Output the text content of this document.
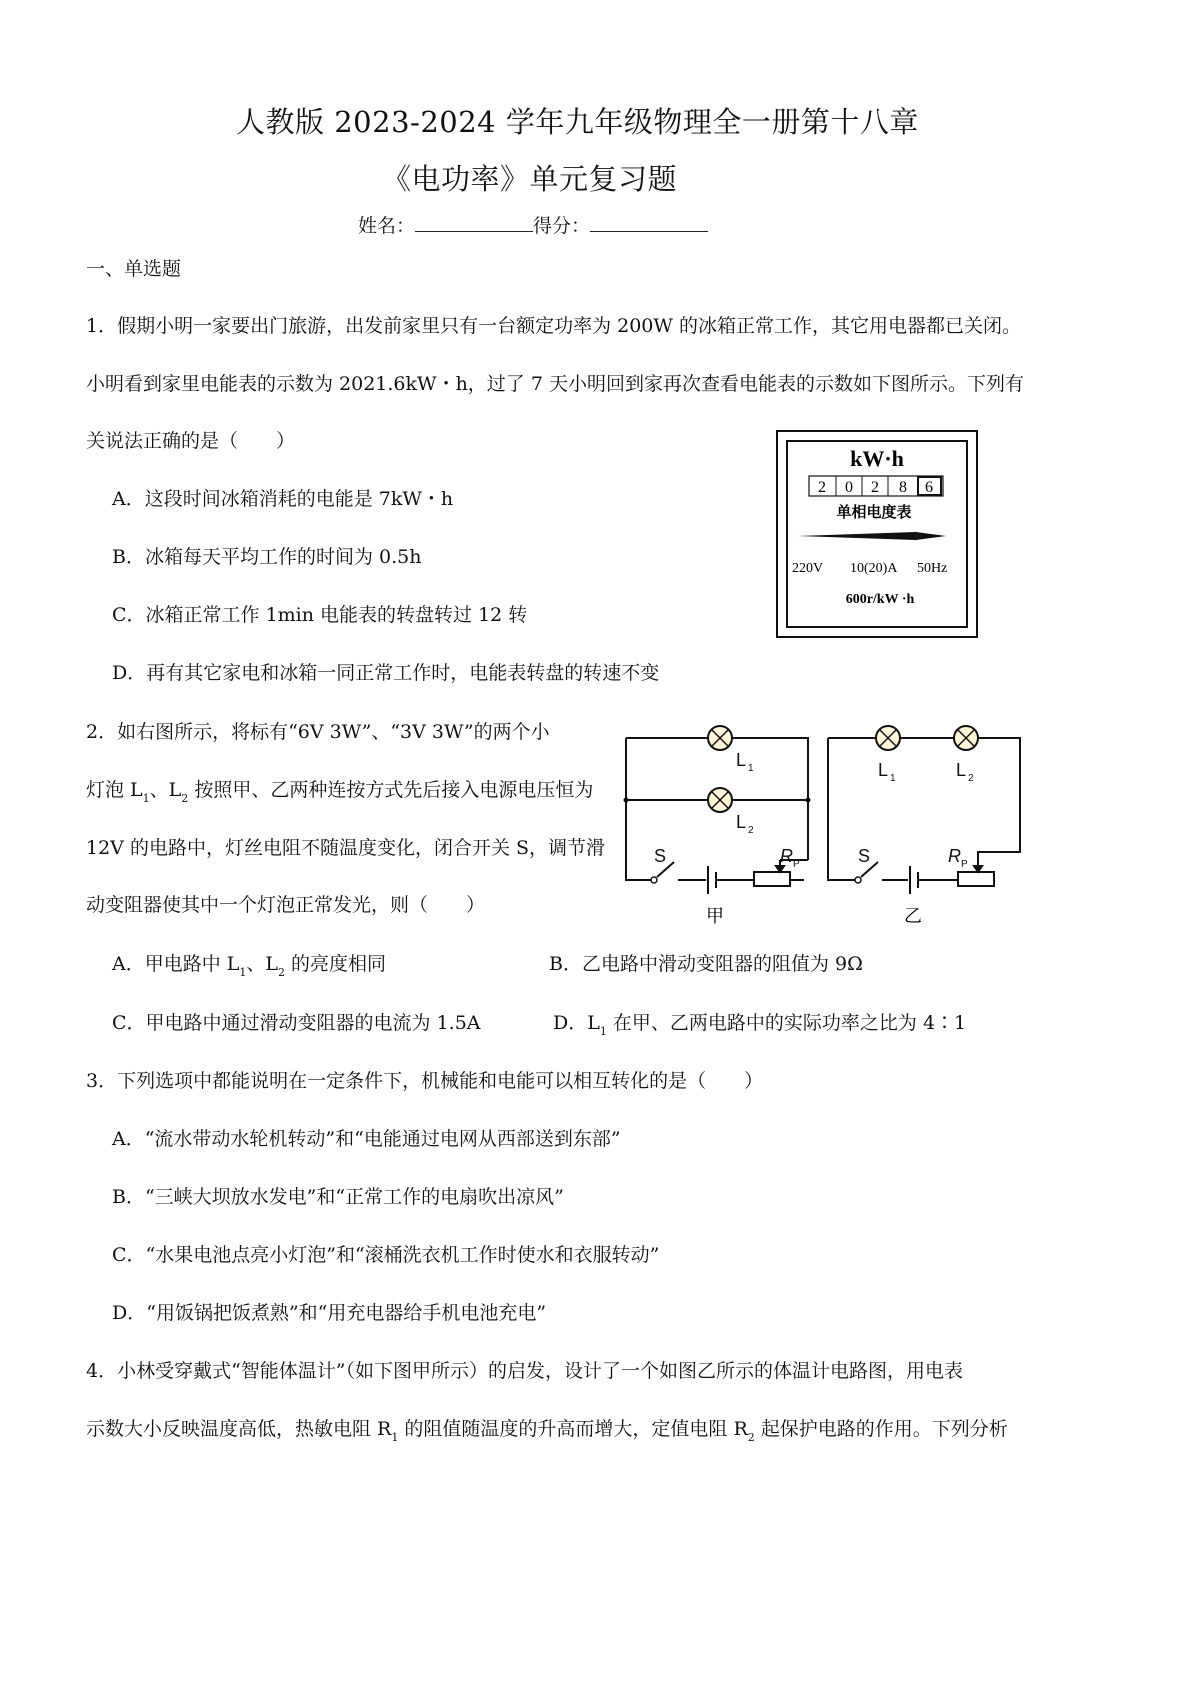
人教版 2023-2024 学年九年级物理全一册第十八章
《电功率》单元复习题
姓名：	得分：
一、单选题
1．假期小明一家要出门旅游，出发前家里只有一台额定功率为 200W 的冰箱正常工作，其它用电器都已关闭。
小明看到家里电能表的示数为 2021.6kW・h，过了 7 天小明回到家再次查看电能表的示数如下图所示。下列有
关说法正确的是（　　）
A．这段时间冰箱消耗的电能是 7kW・h
B．冰箱每天平均工作的时间为 0.5h
C．冰箱正常工作 1min 电能表的转盘转过 12 转
D．再有其它家电和冰箱一同正常工作时，电能表转盘的转速不变
kW·h
2 0 2 8 6
单相电度表
220V 10(20)A 50Hz
600r/kW ·h
2．如右图所示，将标有“6V 3W”、“3V 3W”的两个小
灯泡 $L_1$、$L_2$ 按照甲、乙两种连按方式先后接入电源电压恒为
12V 的电路中，灯丝电阻不随温度变化，闭合开关 S，调节滑
动变阻器使其中一个灯泡正常发光，则（　　）
A．甲电路中 $L_1$、$L_2$ 的亮度相同	B．乙电路中滑动变阻器的阻值为 9Ω
C．甲电路中通过滑动变阻器的电流为 1.5A	D．$L_1$ 在甲、乙两电路中的实际功率之比为 4∶1
L 1
L 2
L 1	L 2
S	S
R P	R P
甲	乙
3．下列选项中都能说明在一定条件下，机械能和电能可以相互转化的是（　　）
A．“流水带动水轮机转动”和“电能通过电网从西部送到东部”
B．“三峡大坝放水发电”和“正常工作的电扇吹出凉风”
C．“水果电池点亮小灯泡”和“滚桶洗衣机工作时使水和衣服转动”
D．“用饭锅把饭煮熟”和“用充电器给手机电池充电”
4．小林受穿戴式“智能体温计”（如下图甲所示）的启发，设计了一个如图乙所示的体温计电路图，用电表
示数大小反映温度高低，热敏电阻 $R_1$ 的阻值随温度的升高而增大，定值电阻 $R_2$ 起保护电路的作用。下列分析
